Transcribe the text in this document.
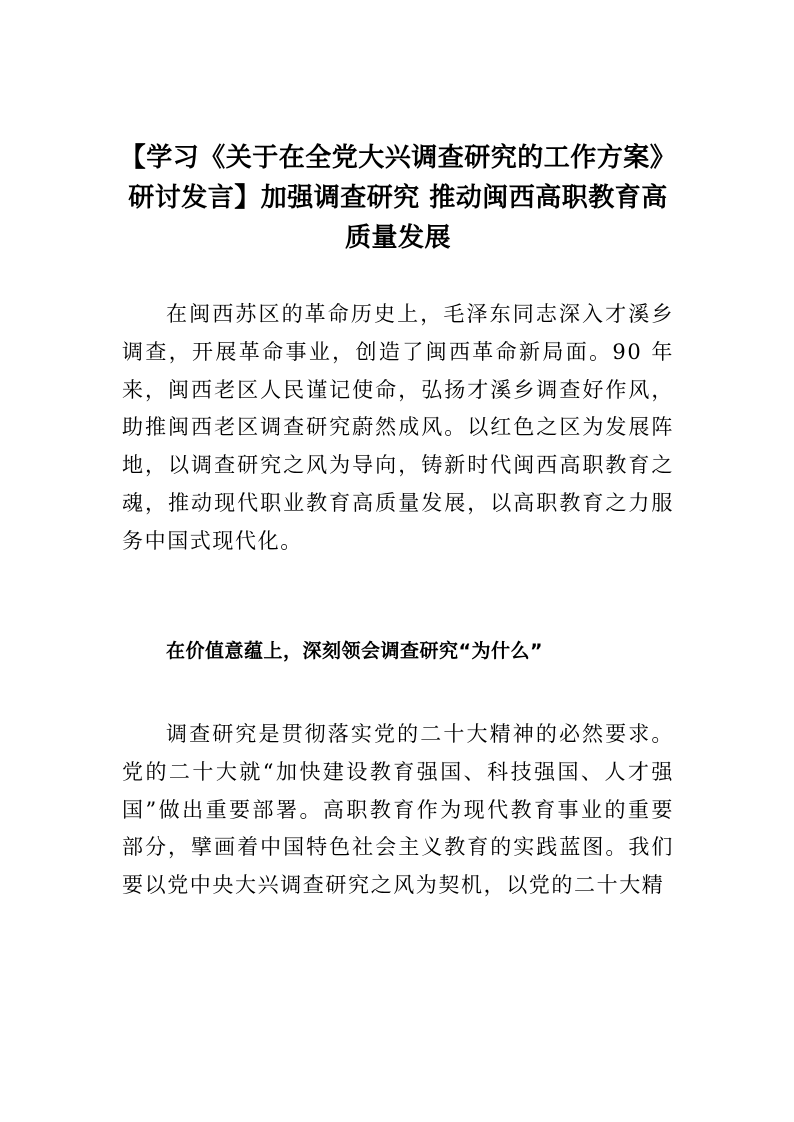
【学习《关于在全党大兴调查研究的工作方案》研讨发言】加强调查研究 推动闽西高职教育高质量发展

在闽西苏区的革命历史上，毛泽东同志深入才溪乡调查，开展革命事业，创造了闽西革命新局面。90 年来，闽西老区人民谨记使命，弘扬才溪乡调查好作风，助推闽西老区调查研究蔚然成风。以红色之区为发展阵地，以调查研究之风为导向，铸新时代闽西高职教育之魂，推动现代职业教育高质量发展，以高职教育之力服务中国式现代化。

在价值意蕴上，深刻领会调查研究“为什么”

调查研究是贯彻落实党的二十大精神的必然要求。党的二十大就“加快建设教育强国、科技强国、人才强国”做出重要部署。高职教育作为现代教育事业的重要部分，擘画着中国特色社会主义教育的实践蓝图。我们要以党中央大兴调查研究之风为契机，以党的二十大精
